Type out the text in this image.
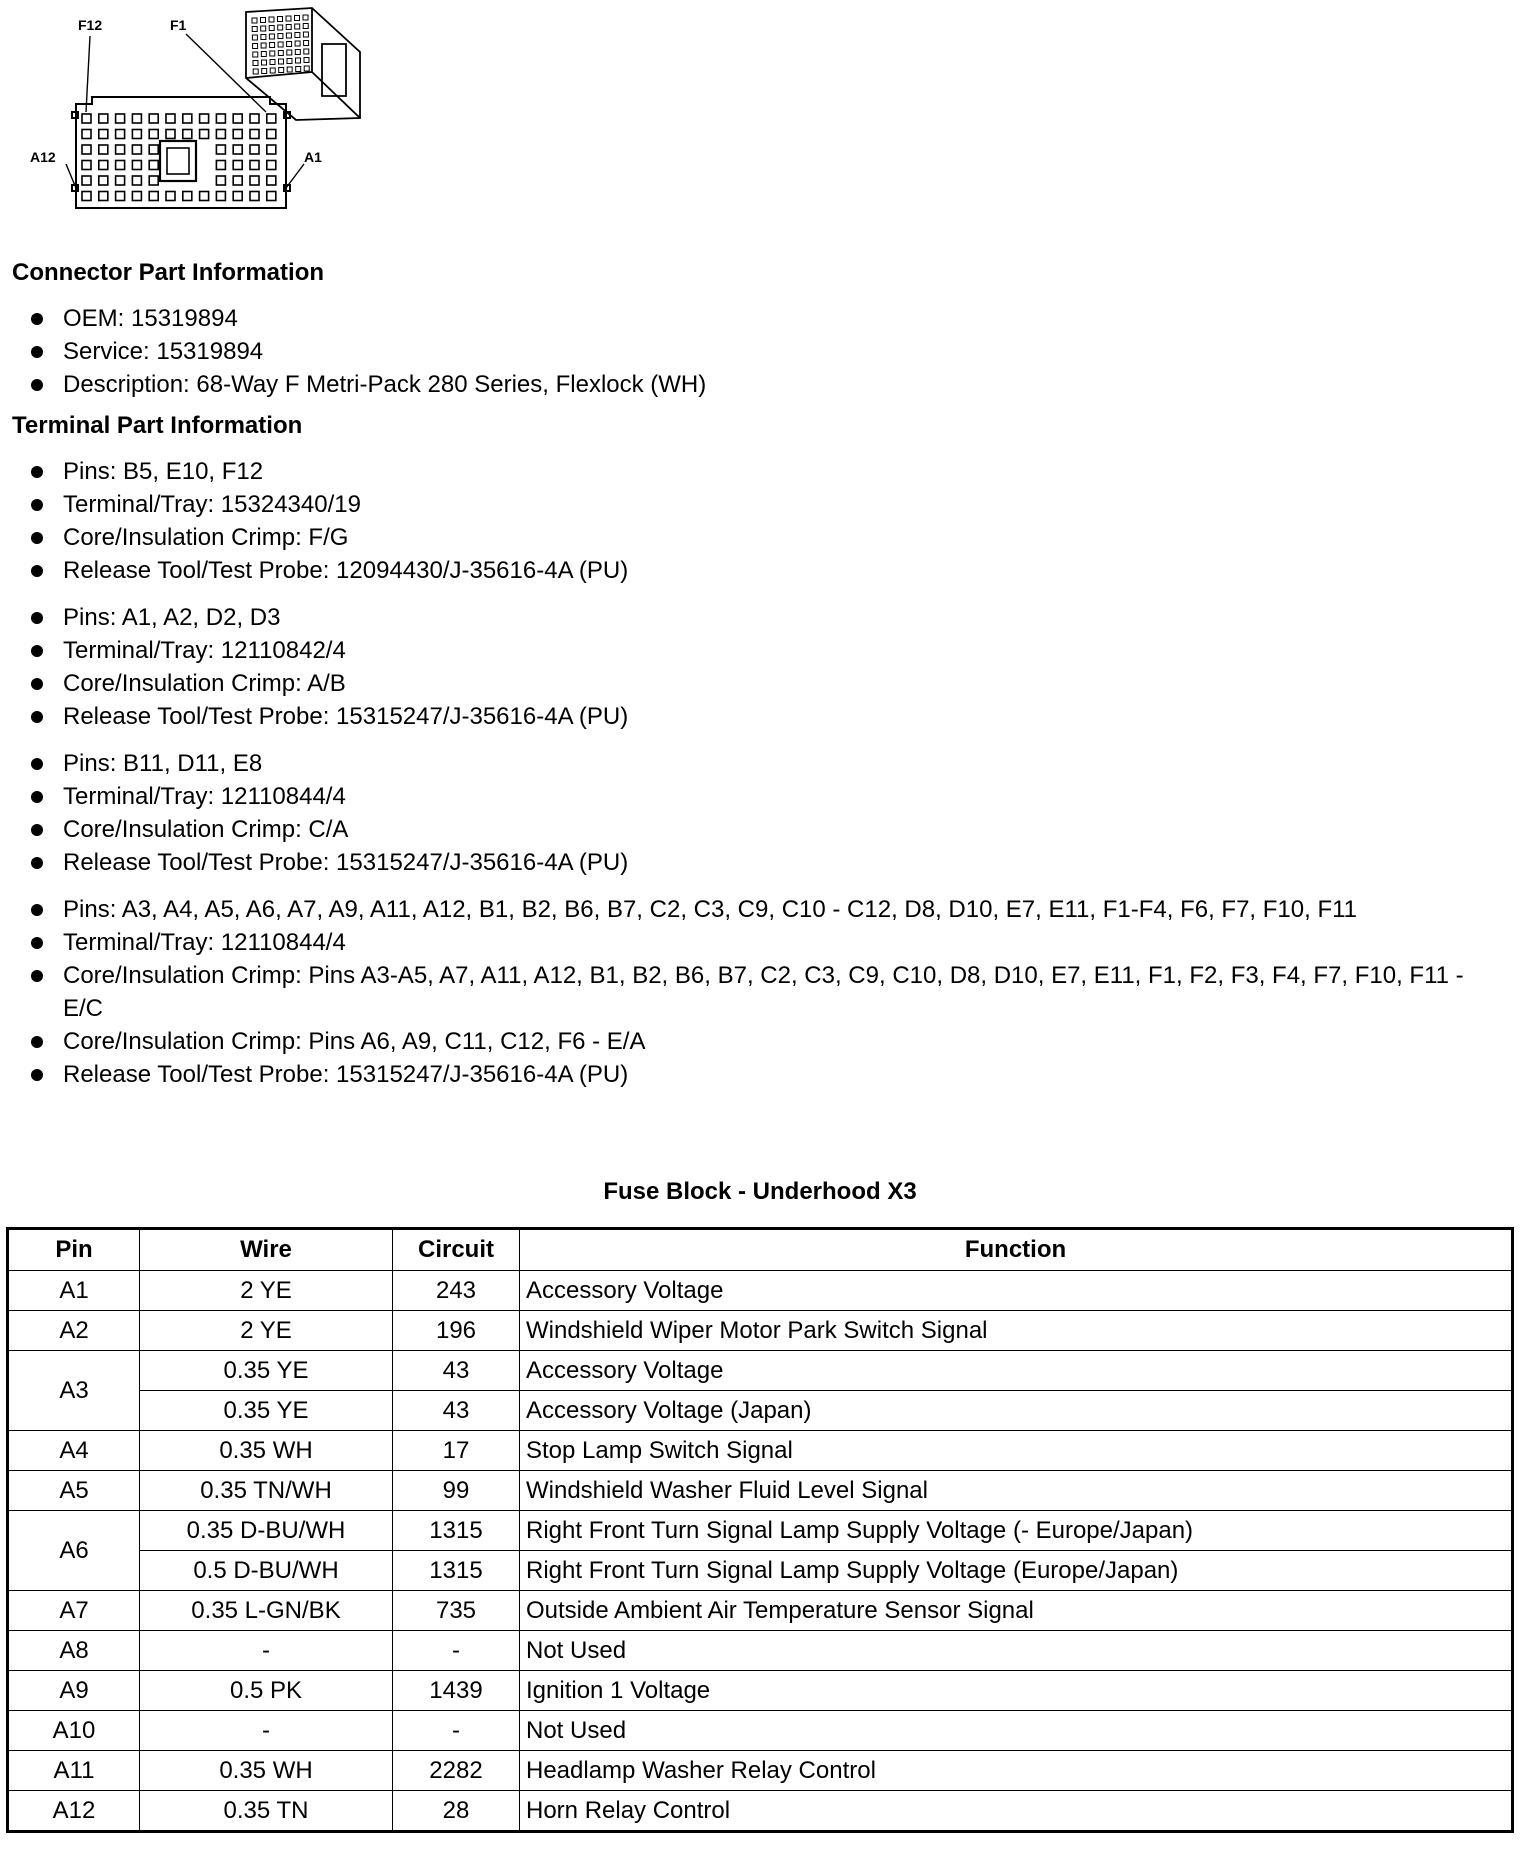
F12	F1
A12	A1
Connector Part Information
OEM: 15319894
Service: 15319894
Description: 68-Way F Metri-Pack 280 Series, Flexlock (WH)
Terminal Part Information
Pins: B5, E10, F12
Terminal/Tray: 15324340/19
Core/Insulation Crimp: F/G
Release Tool/Test Probe: 12094430/J-35616-4A (PU)
Pins: A1, A2, D2, D3
Terminal/Tray: 12110842/4
Core/Insulation Crimp: A/B
Release Tool/Test Probe: 15315247/J-35616-4A (PU)
Pins: B11, D11, E8
Terminal/Tray: 12110844/4
Core/Insulation Crimp: C/A
Release Tool/Test Probe: 15315247/J-35616-4A (PU)
Pins: A3, A4, A5, A6, A7, A9, A11, A12, B1, B2, B6, B7, C2, C3, C9, C10 - C12, D8, D10, E7, E11, F1-F4, F6, F7, F10, F11
Terminal/Tray: 12110844/4
Core/Insulation Crimp: Pins A3-A5, A7, A11, A12, B1, B2, B6, B7, C2, C3, C9, C10, D8, D10, E7, E11, F1, F2, F3, F4, F7, F10, F11 - E/C
Core/Insulation Crimp: Pins A6, A9, C11, C12, F6 - E/A
Release Tool/Test Probe: 15315247/J-35616-4A (PU)
Fuse Block - Underhood X3
Pin	Wire	Circuit	Function
A1	2 YE	243	Accessory Voltage
A2	2 YE	196	Windshield Wiper Motor Park Switch Signal
A3	0.35 YE	43	Accessory Voltage
	0.35 YE	43	Accessory Voltage (Japan)
A4	0.35 WH	17	Stop Lamp Switch Signal
A5	0.35 TN/WH	99	Windshield Washer Fluid Level Signal
A6	0.35 D-BU/WH	1315	Right Front Turn Signal Lamp Supply Voltage (- Europe/Japan)
	0.5 D-BU/WH	1315	Right Front Turn Signal Lamp Supply Voltage (Europe/Japan)
A7	0.35 L-GN/BK	735	Outside Ambient Air Temperature Sensor Signal
A8	-	-	Not Used
A9	0.5 PK	1439	Ignition 1 Voltage
A10	-	-	Not Used
A11	0.35 WH	2282	Headlamp Washer Relay Control
A12	0.35 TN	28	Horn Relay Control
